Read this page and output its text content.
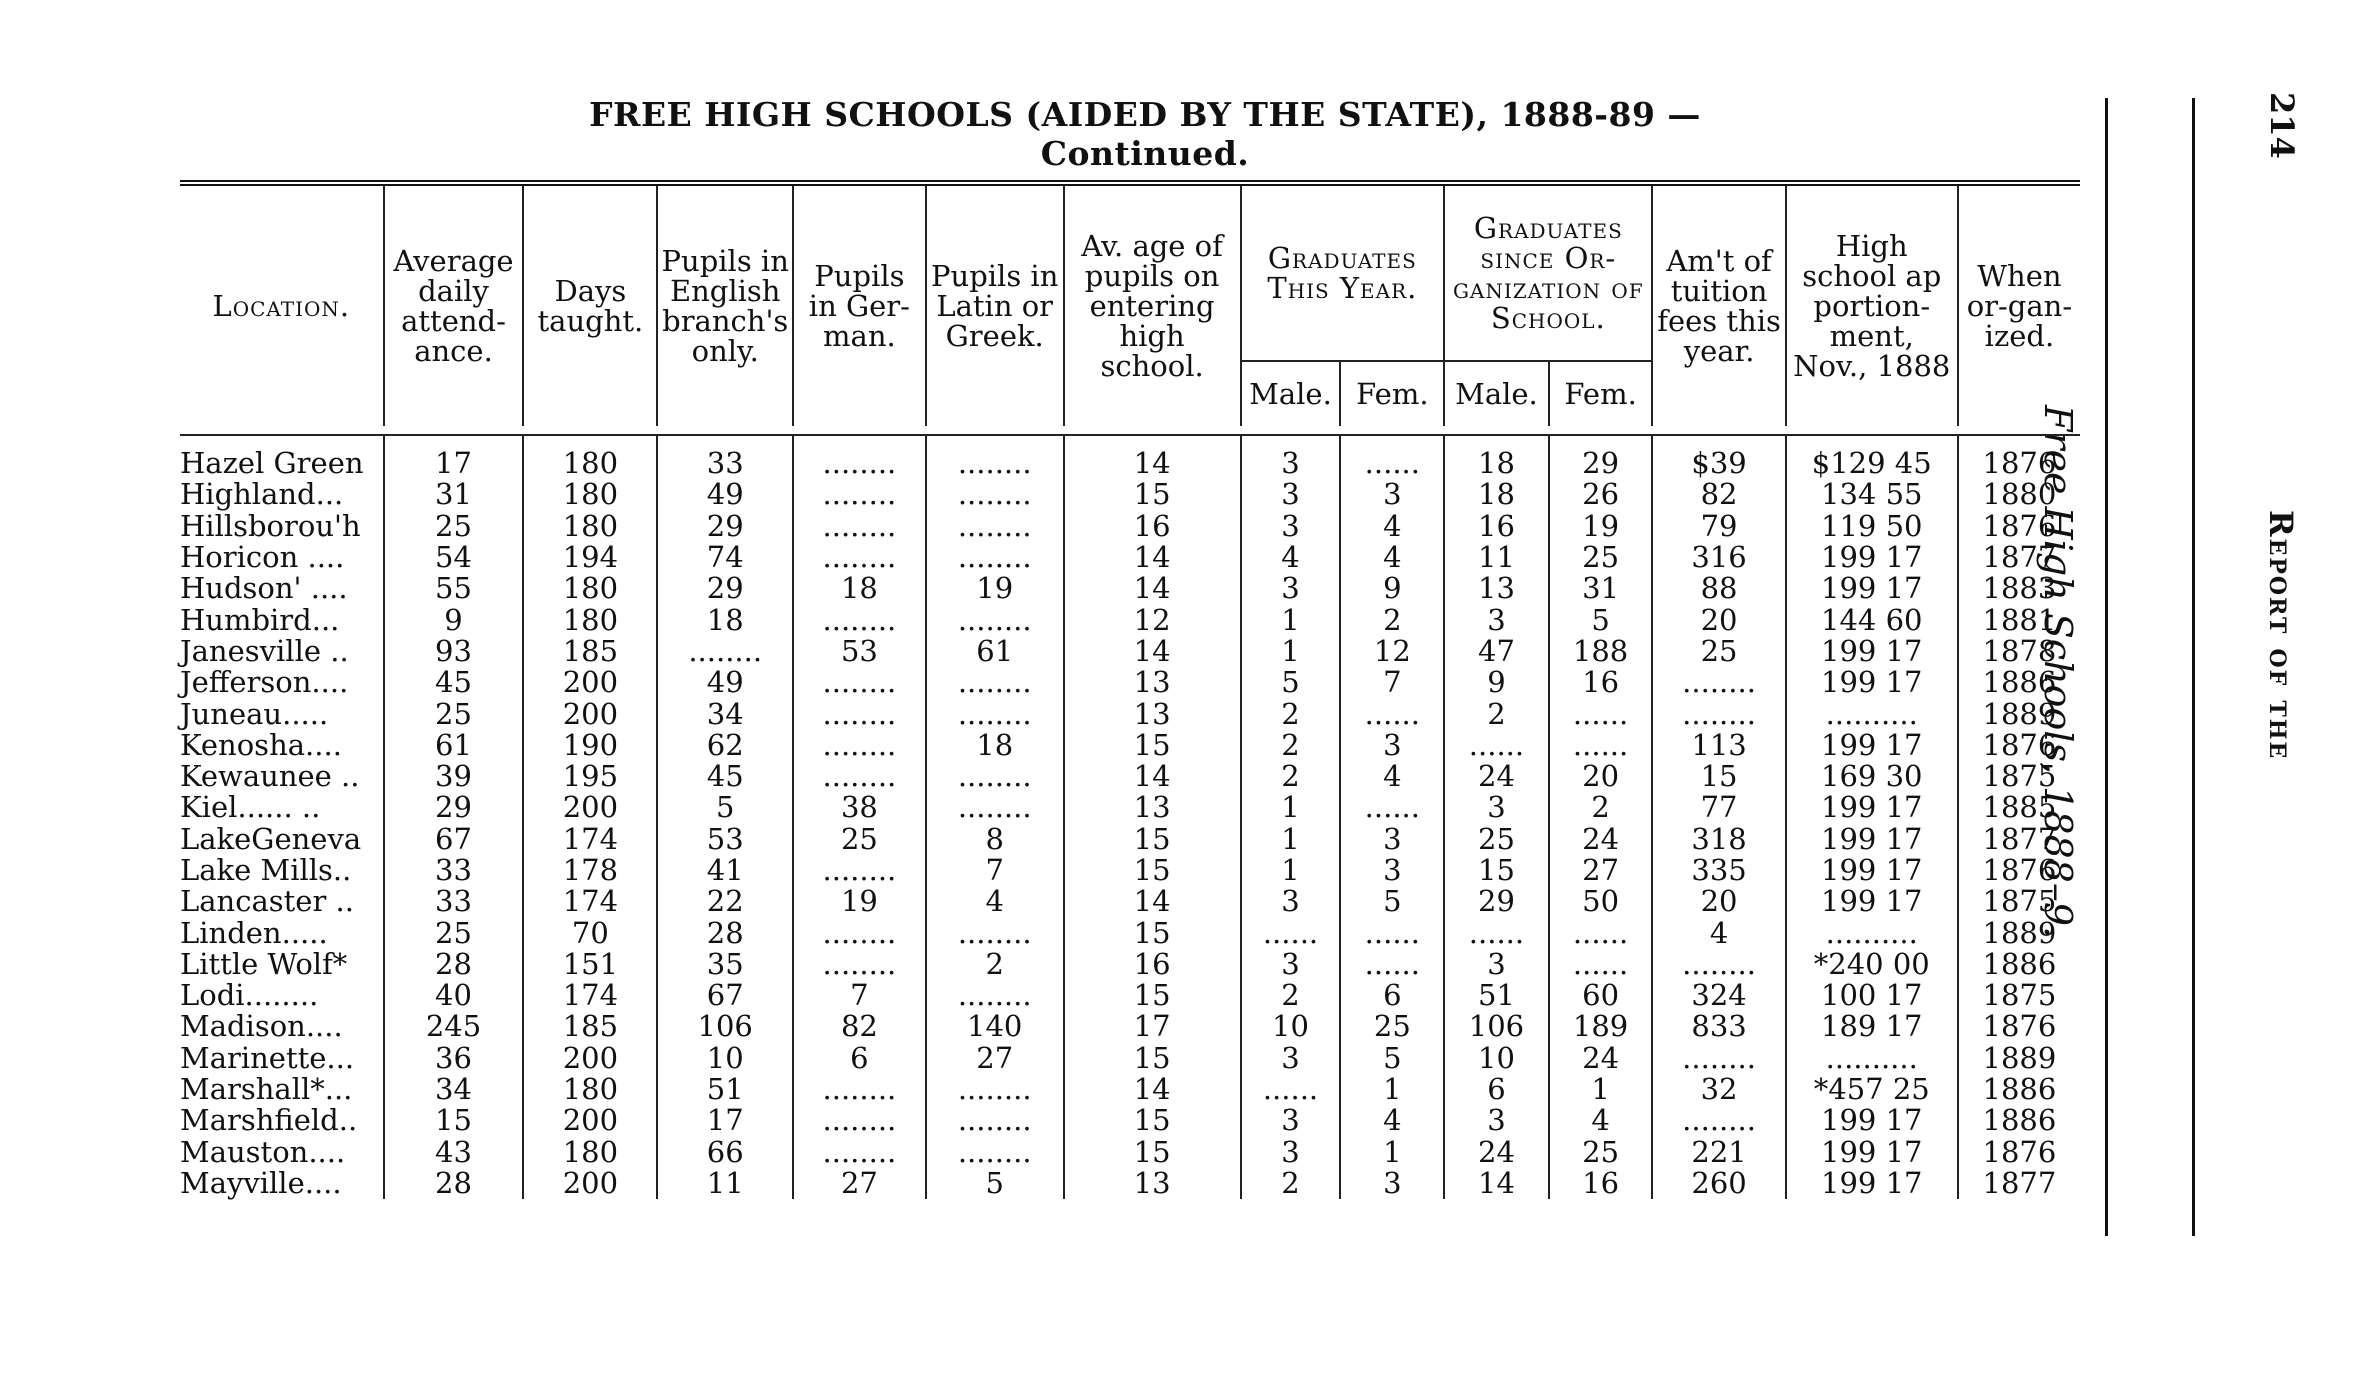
FREE HIGH SCHOOLS (AIDED BY THE STATE), 1888-89 — Continued.
Free High Schools, 1888–9.	Report of the
214
Location.	Average daily attend-ance.	Days taught.	Pupils in English branch's only.	Pupils in Ger-man.	Pupils in Latin or Greek.	Av. age of pupils on entering high school.	Graduates This Year.		Graduates since Or-ganization of School.		Am't of tuition fees this year.	High school ap portion-ment, Nov., 1888	When or-gan-ized.
							Male.	Fem.	Male.	Fem.			

Hazel Green	17	180	33	........	........	14	3	......	18	29	$39	$129 45	1876
Highland...	31	180	49	........	........	15	3	3	18	26	82	134 55	1880
Hillsborou'h	25	180	29	........	........	16	3	4	16	19	79	119 50	1876
Horicon ....	54	194	74	........	........	14	4	4	11	25	316	199 17	1877
Hudson' ....	55	180	29	18	19	14	3	9	13	31	88	199 17	1883
Humbird...	9	180	18	........	........	12	1	2	3	5	20	144 60	1881
Janesville ..	93	185	........	53	61	14	1	12	47	188	25	199 17	1878
Jefferson....	45	200	49	........	........	13	5	7	9	16	........	199 17	1886
Juneau.....	25	200	34	........	........	13	2	......	2	......	........	..........	1889
Kenosha....	61	190	62	........	18	15	2	3	......	......	113	199 17	1876
Kewaunee ..	39	195	45	........	........	14	2	4	24	20	15	169 30	1875
Kiel...... ..	29	200	5	38	........	13	1	......	3	2	77	199 17	1885
LakeGeneva	67	174	53	25	8	15	1	3	25	24	318	199 17	1877
Lake Mills..	33	178	41	........	7	15	1	3	15	27	335	199 17	1876
Lancaster ..	33	174	22	19	4	14	3	5	29	50	20	199 17	1875
Linden.....	25	70	28	........	........	15	......	......	......	......	4	..........	1889
Little Wolf*	28	151	35	........	2	16	3	......	3	......	........	*240 00	1886
Lodi........	40	174	67	7	........	15	2	6	51	60	324	100 17	1875
Madison....	245	185	106	82	140	17	10	25	106	189	833	189 17	1876
Marinette...	36	200	10	6	27	15	3	5	10	24	........	..........	1889
Marshall*...	34	180	51	........	........	14	......	1	6	1	32	*457 25	1886
Marshfield..	15	200	17	........	........	15	3	4	3	4	........	199 17	1886
Mauston....	43	180	66	........	........	15	3	1	24	25	221	199 17	1876
Mayville....	28	200	11	27	5	13	2	3	14	16	260	199 17	1877
